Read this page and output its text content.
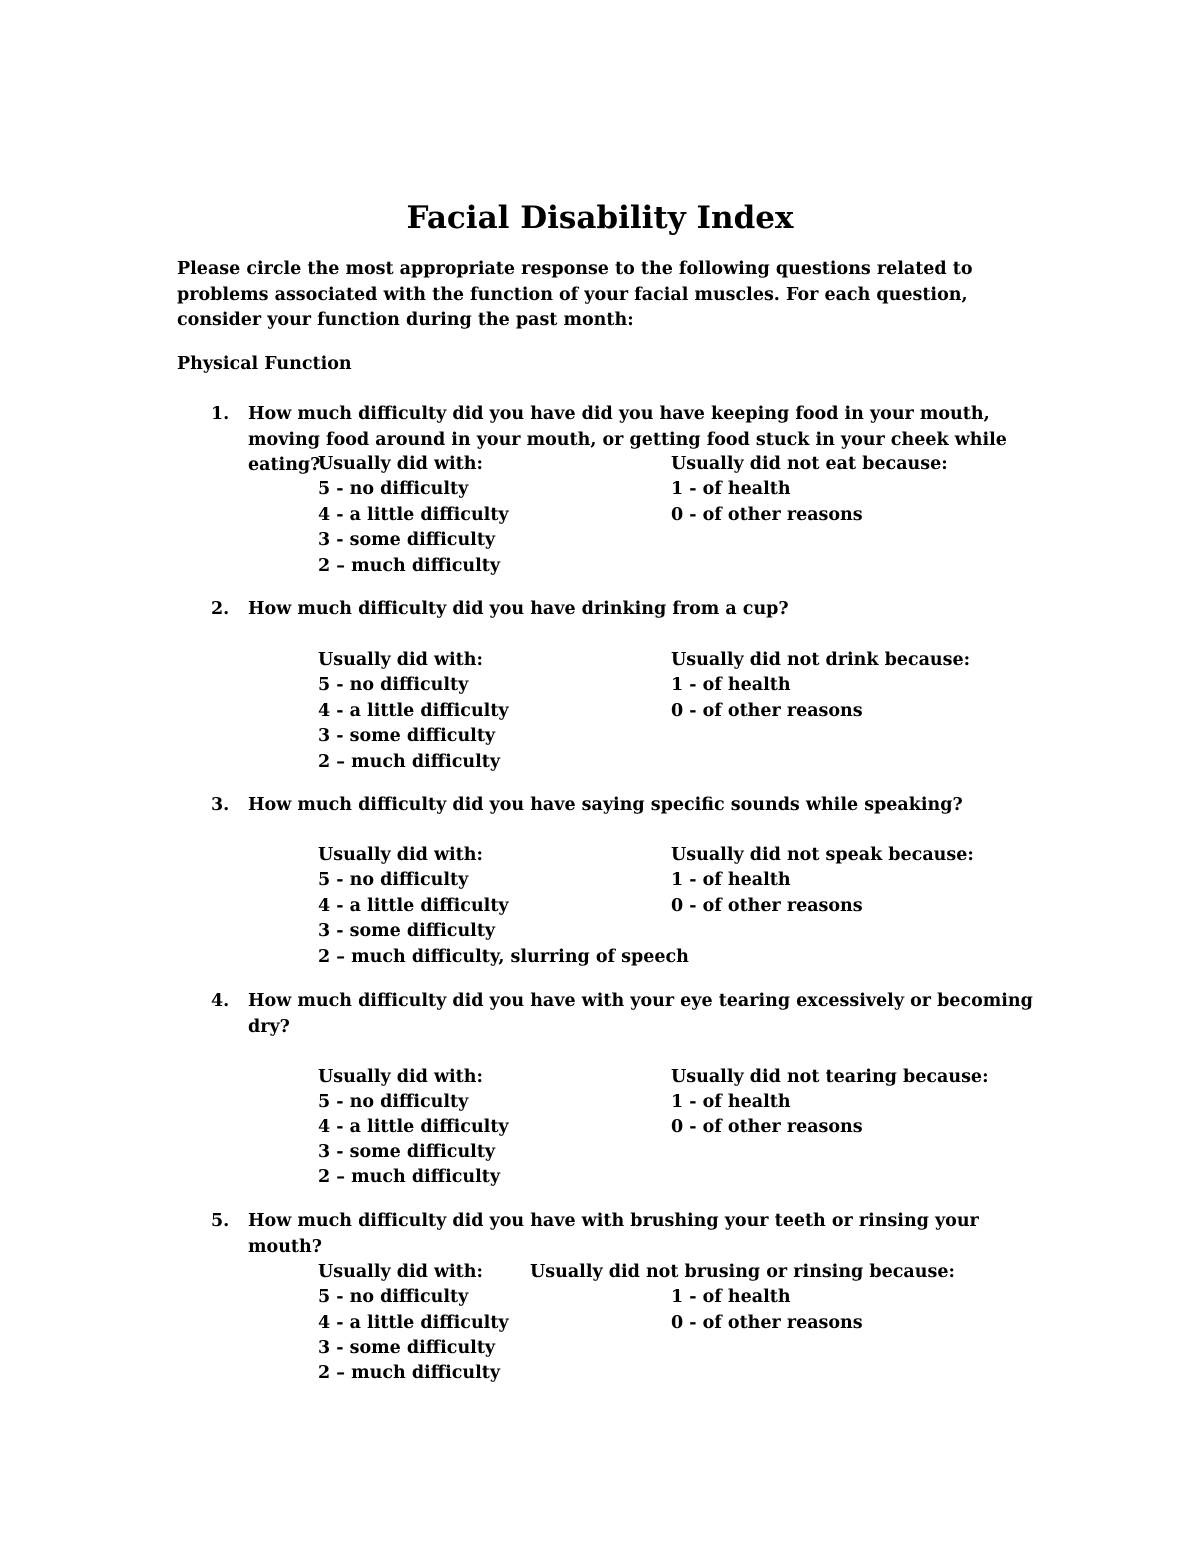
Facial Disability Index
Please circle the most appropriate response to the following questions related to problems associated with the function of your facial muscles. For each question, consider your function during the past month:
Physical Function
1. How much difficulty did you have did you have keeping food in your mouth, moving food around in your mouth, or getting food stuck in your cheek while eating?
Usually did with:
5 - no difficulty
4 - a little difficulty
3 - some difficulty
2 – much difficulty
Usually did not eat because:
1 - of health
0 - of other reasons
2. How much difficulty did you have drinking from a cup?
Usually did with:
5 - no difficulty
4 - a little difficulty
3 - some difficulty
2 – much difficulty
Usually did not drink because:
1 - of health
0 - of other reasons
3. How much difficulty did you have saying specific sounds while speaking?
Usually did with:
5 - no difficulty
4 - a little difficulty
3 - some difficulty
2 – much difficulty, slurring of speech
Usually did not speak because:
1 - of health
0 - of other reasons
4. How much difficulty did you have with your eye tearing excessively or becoming dry?
Usually did with:
5 - no difficulty
4 - a little difficulty
3 - some difficulty
2 – much difficulty
Usually did not tearing because:
1 - of health
0 - of other reasons
5. How much difficulty did you have with brushing your teeth or rinsing your mouth?
Usually did with:
5 - no difficulty
4 - a little difficulty
3 - some difficulty
2 – much difficulty
Usually did not brusing or rinsing because:
1 - of health
0 - of other reasons
